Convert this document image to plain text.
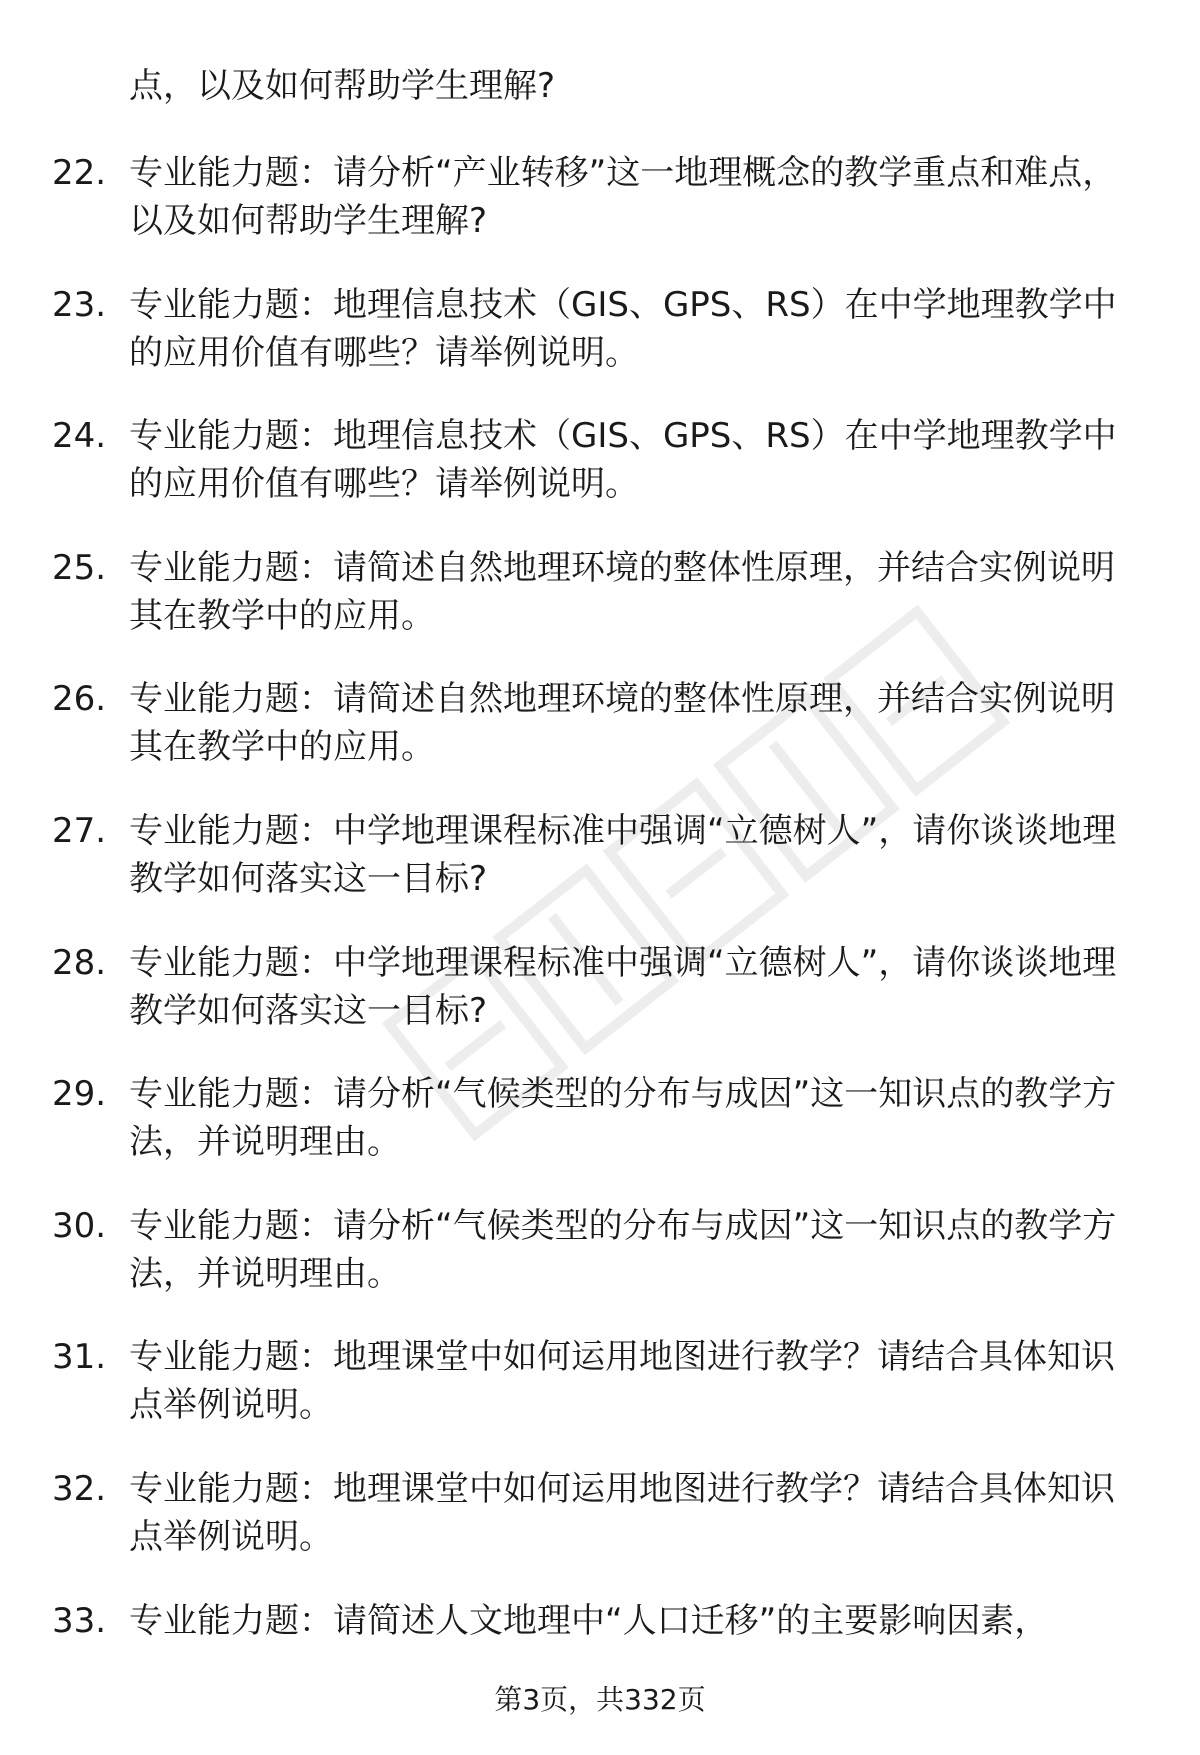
点，以及如何帮助学生理解?
22. 专业能力题：请分析“产业转移”这一地理概念的教学重点和难点，以及如何帮助学生理解?
23. 专业能力题：地理信息技术（GIS、GPS、RS）在中学地理教学中的应用价值有哪些？请举例说明。
24. 专业能力题：地理信息技术（GIS、GPS、RS）在中学地理教学中的应用价值有哪些？请举例说明。
25. 专业能力题：请简述自然地理环境的整体性原理，并结合实例说明其在教学中的应用。
26. 专业能力题：请简述自然地理环境的整体性原理，并结合实例说明其在教学中的应用。
27. 专业能力题：中学地理课程标准中强调“立德树人”，请你谈谈地理教学如何落实这一目标?
28. 专业能力题：中学地理课程标准中强调“立德树人”，请你谈谈地理教学如何落实这一目标?
29. 专业能力题：请分析“气候类型的分布与成因”这一知识点的教学方法，并说明理由。
30. 专业能力题：请分析“气候类型的分布与成因”这一知识点的教学方法，并说明理由。
31. 专业能力题：地理课堂中如何运用地图进行教学？请结合具体知识点举例说明。
32. 专业能力题：地理课堂中如何运用地图进行教学？请结合具体知识点举例说明。
33. 专业能力题：请简述人文地理中“人口迁移”的主要影响因素，
第3页，共332页
